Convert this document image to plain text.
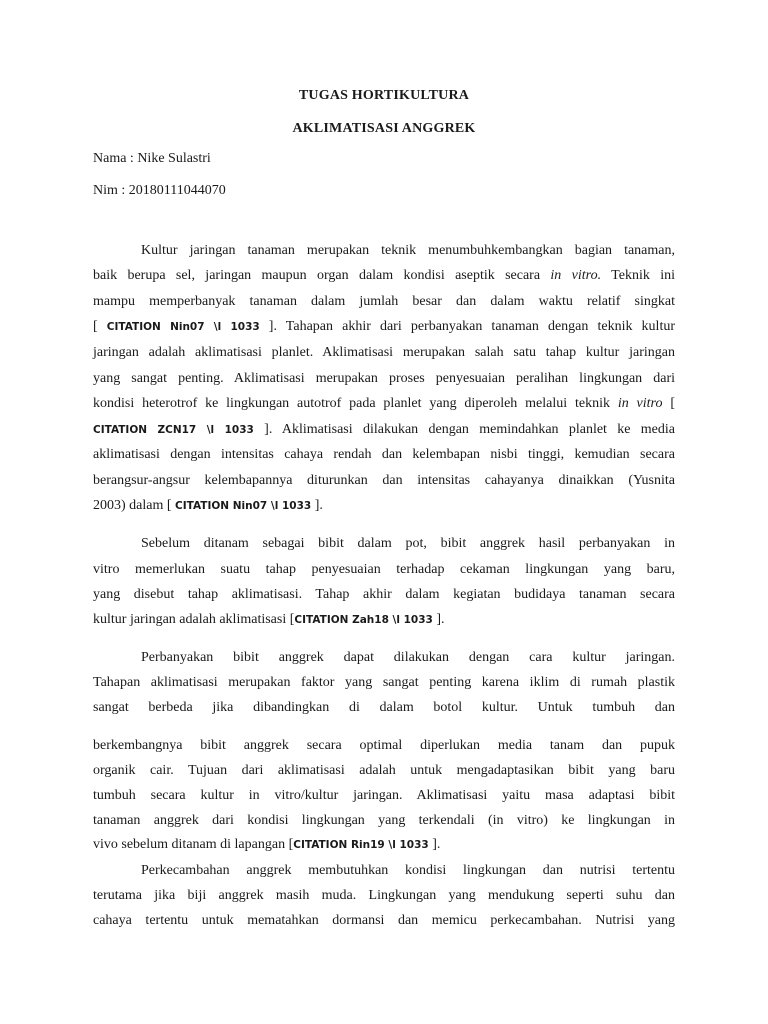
TUGAS HORTIKULTURA
AKLIMATISASI ANGGREK
Nama : Nike Sulastri
Nim : 20180111044070
Kultur jaringan tanaman merupakan teknik menumbuhkembangkan bagian tanaman,
baik berupa sel, jaringan maupun organ dalam kondisi aseptik secara in vitro. Teknik ini
mampu memperbanyak tanaman dalam jumlah besar dan dalam waktu relatif singkat
[ CITATION Nin07 \l 1033 ]. Tahapan akhir dari perbanyakan tanaman dengan teknik kultur
jaringan adalah aklimatisasi planlet. Aklimatisasi merupakan salah satu tahap kultur jaringan
yang sangat penting. Aklimatisasi merupakan proses penyesuaian peralihan lingkungan dari
kondisi heterotrof ke lingkungan autotrof pada planlet yang diperoleh melalui teknik in vitro [
CITATION ZCN17 \l 1033 ]. Aklimatisasi dilakukan dengan memindahkan planlet ke media
aklimatisasi dengan intensitas cahaya rendah dan kelembapan nisbi tinggi, kemudian secara
berangsur-angsur kelembapannya diturunkan dan intensitas cahayanya dinaikkan (Yusnita
2003) dalam [ CITATION Nin07 \l 1033 ].
Sebelum ditanam sebagai bibit dalam pot, bibit anggrek hasil perbanyakan in
vitro memerlukan suatu tahap penyesuaian terhadap cekaman lingkungan yang baru,
yang disebut tahap aklimatisasi. Tahap akhir dalam kegiatan budidaya tanaman secara
kultur jaringan adalah aklimatisasi [CITATION Zah18 \l 1033 ].
Perbanyakan bibit anggrek dapat dilakukan dengan cara kultur jaringan.
Tahapan aklimatisasi merupakan faktor yang sangat penting karena iklim di rumah plastik
sangat berbeda jika dibandingkan di dalam botol kultur. Untuk tumbuh dan
berkembangnya bibit anggrek secara optimal diperlukan media tanam dan pupuk
organik cair. Tujuan dari aklimatisasi adalah untuk mengadaptasikan bibit yang baru
tumbuh secara kultur in vitro/kultur jaringan. Aklimatisasi yaitu masa adaptasi bibit
tanaman anggrek dari kondisi lingkungan yang terkendali (in vitro) ke lingkungan in
vivo sebelum ditanam di lapangan [CITATION Rin19 \l 1033 ].
Perkecambahan anggrek membutuhkan kondisi lingkungan dan nutrisi tertentu
terutama jika biji anggrek masih muda. Lingkungan yang mendukung seperti suhu dan
cahaya tertentu untuk mematahkan dormansi dan memicu perkecambahan. Nutrisi yang
